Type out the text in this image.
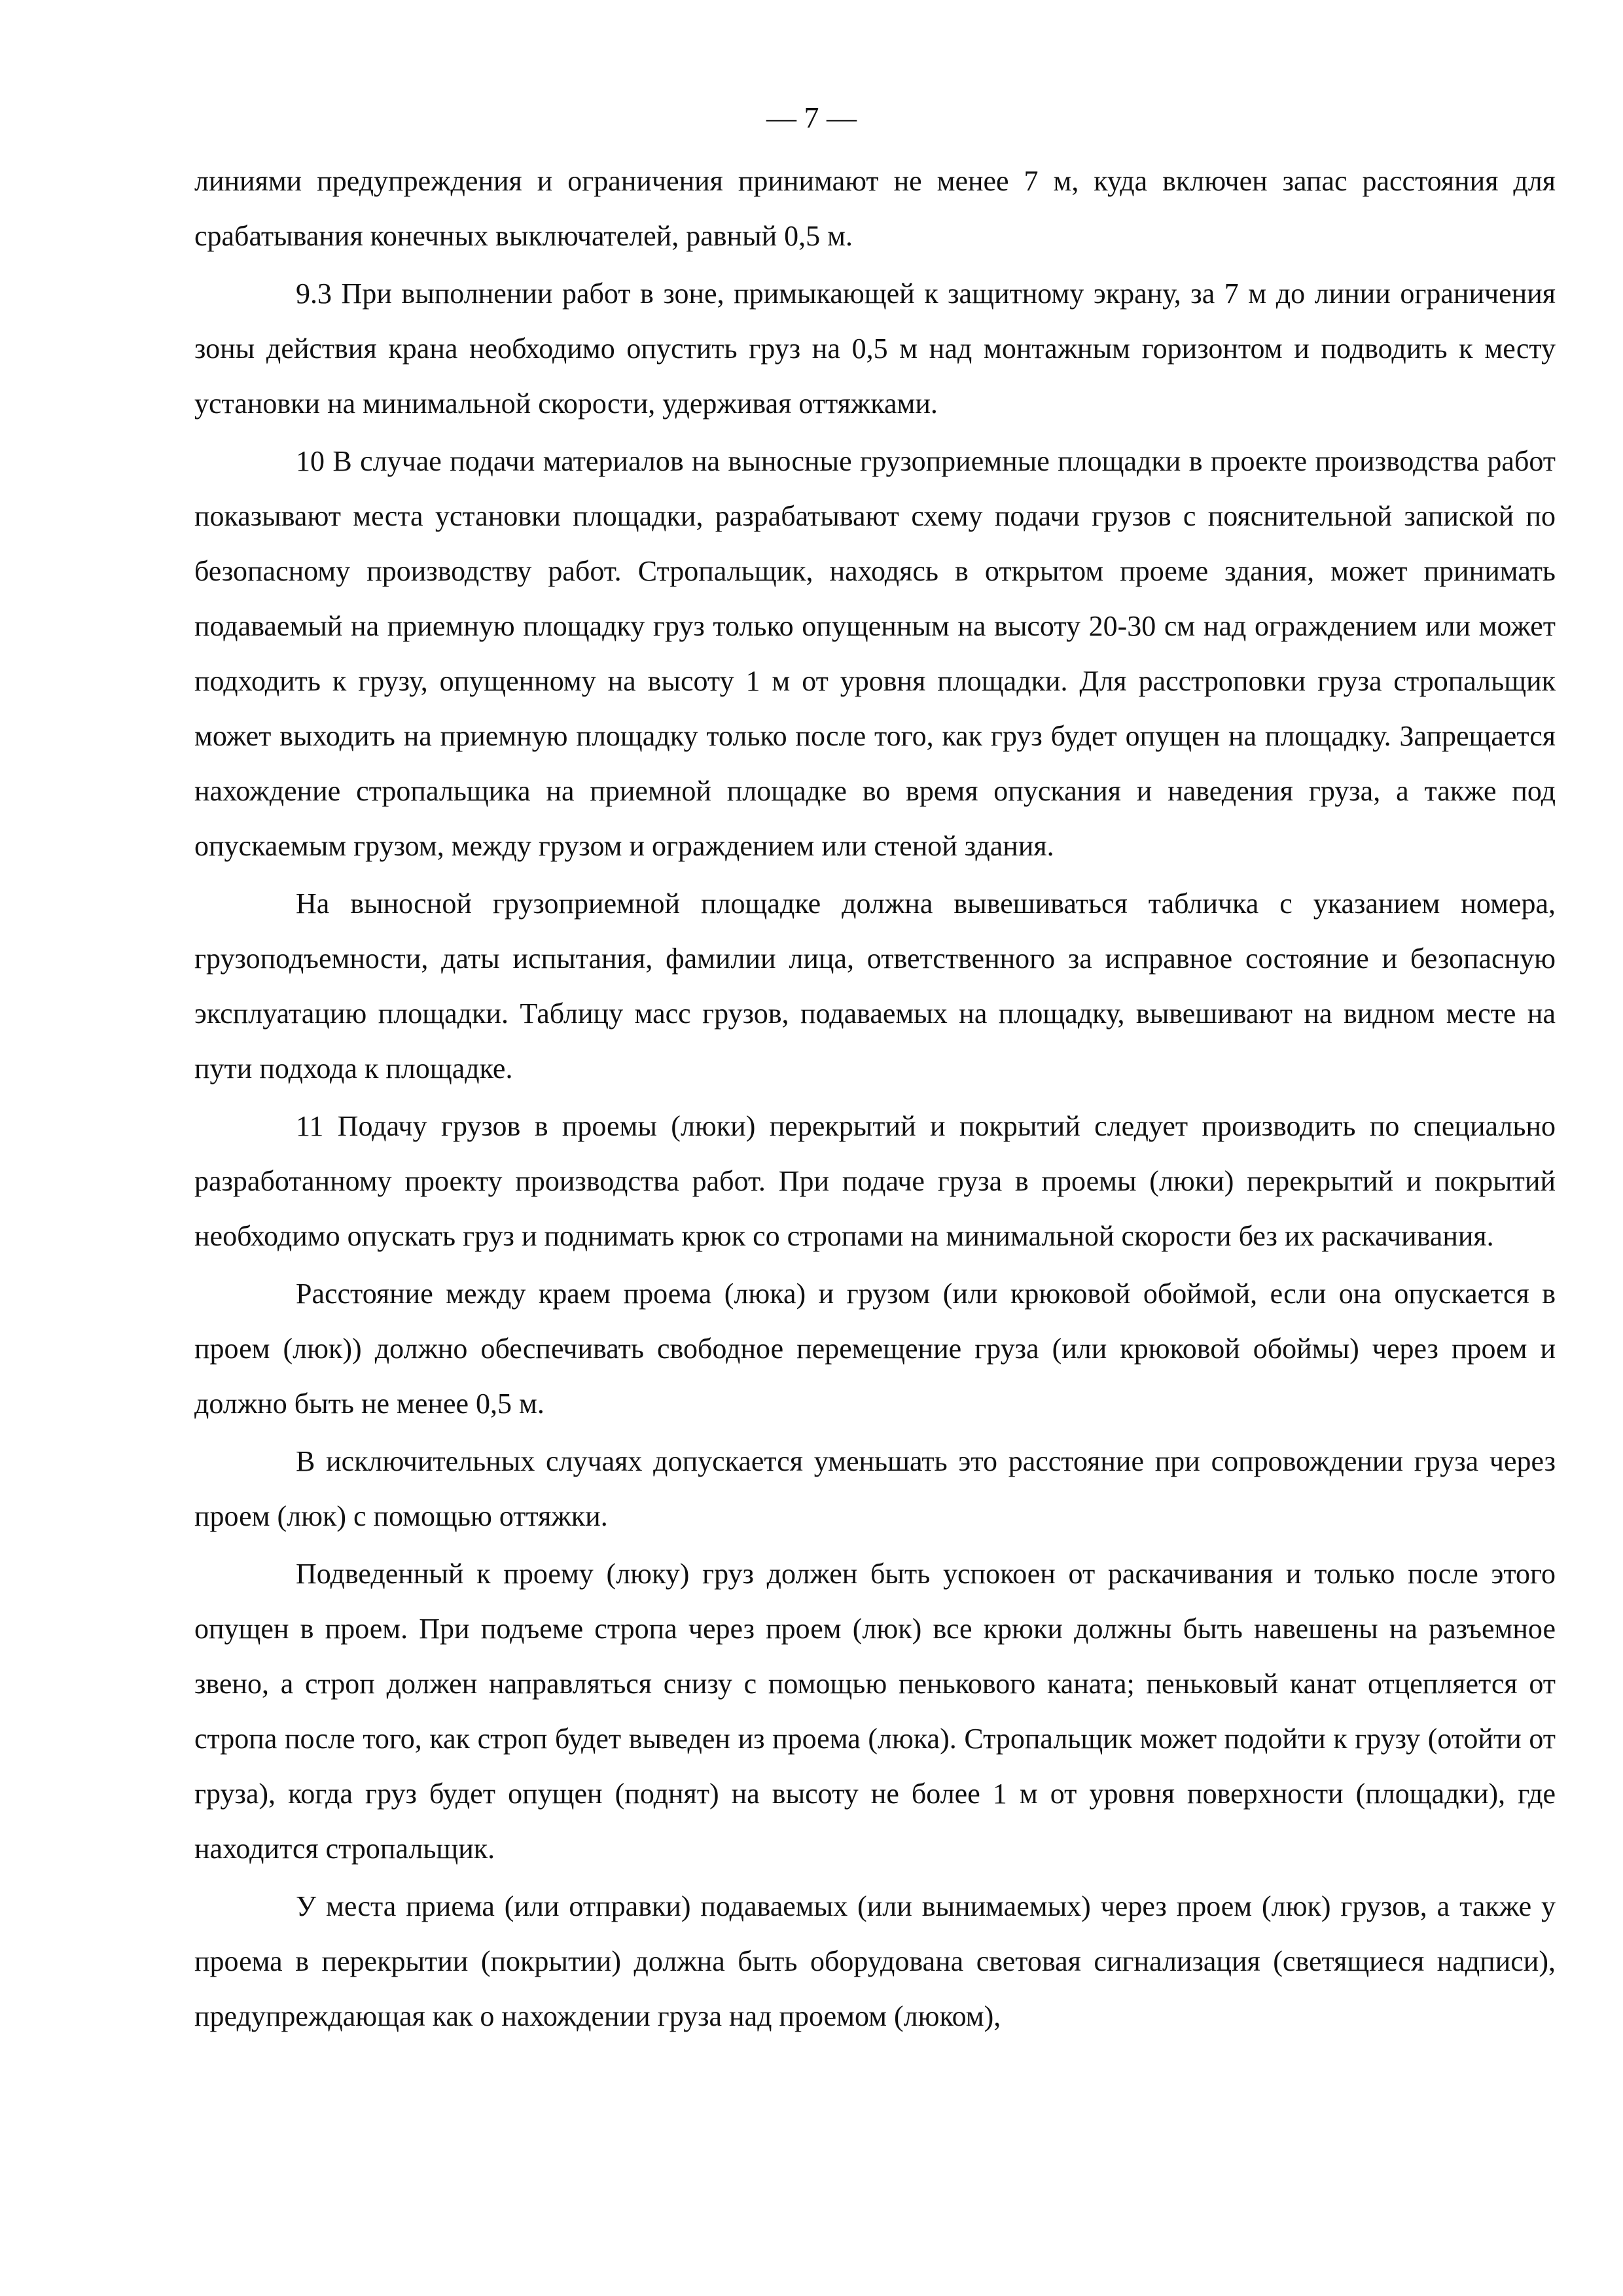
— 7 —

линиями предупреждения и ограничения принимают не менее 7 м, куда включен запас расстояния для срабатывания конечных выключателей, равный 0,5 м.

9.3 При выполнении работ в зоне, примыкающей к защитному экрану, за 7 м до линии ограничения зоны действия крана необходимо опустить груз на 0,5 м над монтажным горизонтом и подводить к месту установки на минимальной скорости, удерживая оттяжками.

10 В случае подачи материалов на выносные грузоприемные площадки в проекте производства работ показывают места установки площадки, разрабатывают схему подачи грузов с пояснительной запиской по безопасному производству работ. Стропальщик, находясь в открытом проеме здания, может принимать подаваемый на приемную площадку груз только опущенным на высоту 20-30 см над ограждением или может подходить к грузу, опущенному на высоту 1 м от уровня площадки. Для расстроповки груза стропальщик может выходить на приемную площадку только после того, как груз будет опущен на площадку. Запрещается нахождение стропальщика на приемной площадке во время опускания и наведения груза, а также под опускаемым грузом, между грузом и ограждением или стеной здания.

На выносной грузоприемной площадке должна вывешиваться табличка с указанием номера, грузоподъемности, даты испытания, фамилии лица, ответственного за исправное состояние и безопасную эксплуатацию площадки. Таблицу масс грузов, подаваемых на площадку, вывешивают на видном месте на пути подхода к площадке.

11 Подачу грузов в проемы (люки) перекрытий и покрытий следует производить по специально разработанному проекту производства работ. При подаче груза в проемы (люки) перекрытий и покрытий необходимо опускать груз и поднимать крюк со стропами на минимальной скорости без их раскачивания.

Расстояние между краем проема (люка) и грузом (или крюковой обоймой, если она опускается в проем (люк)) должно обеспечивать свободное перемещение груза (или крюковой обоймы) через проем и должно быть не менее 0,5 м.

В исключительных случаях допускается уменьшать это расстояние при сопровождении груза через проем (люк) с помощью оттяжки.

Подведенный к проему (люку) груз должен быть успокоен от раскачивания и только после этого опущен в проем. При подъеме стропа через проем (люк) все крюки должны быть навешены на разъемное звено, а строп должен направляться снизу с помощью пенькового каната; пеньковый канат отцепляется от стропа после того, как строп будет выведен из проема (люка). Стропальщик может подойти к грузу (отойти от груза), когда груз будет опущен (поднят) на высоту не более 1 м от уровня поверхности (площадки), где находится стропальщик.

У места приема (или отправки) подаваемых (или вынимаемых) через проем (люк) грузов, а также у проема в перекрытии (покрытии) должна быть оборудована световая сигнализация (светящиеся надписи), предупреждающая как о нахождении груза над проемом (люком),
